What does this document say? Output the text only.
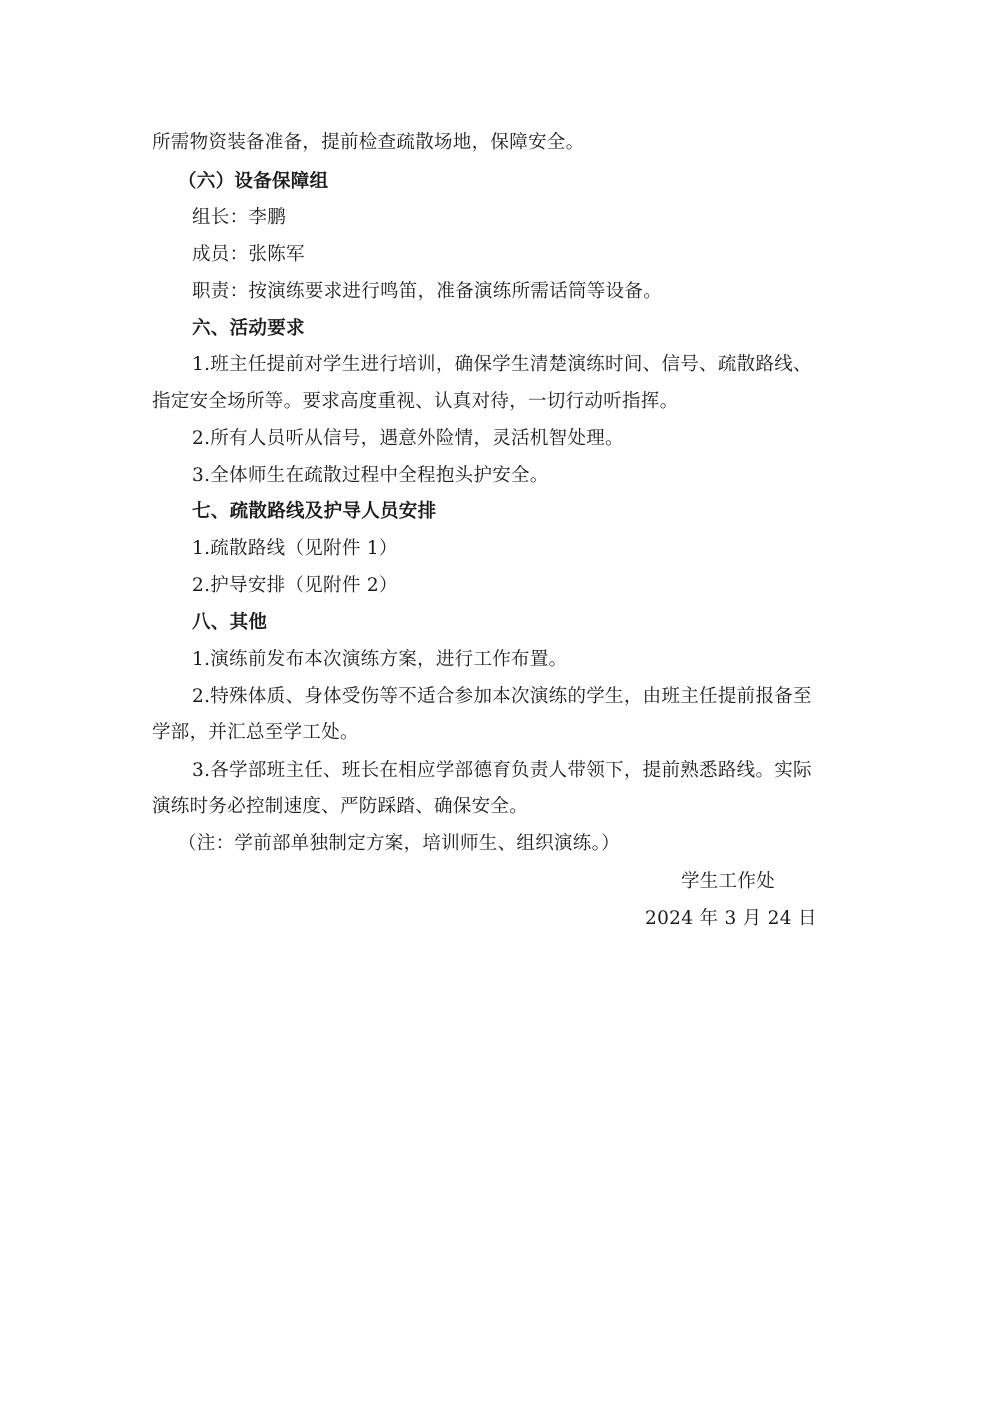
所需物资装备准备，提前检查疏散场地，保障安全。
（六）设备保障组
组长：李鹏
成员：张陈军
职责：按演练要求进行鸣笛，准备演练所需话筒等设备。
六、活动要求
1.班主任提前对学生进行培训，确保学生清楚演练时间、信号、疏散路线、
指定安全场所等。要求高度重视、认真对待，一切行动听指挥。
2.所有人员听从信号，遇意外险情，灵活机智处理。
3.全体师生在疏散过程中全程抱头护安全。
七、疏散路线及护导人员安排
1.疏散路线（见附件 1）
2.护导安排（见附件 2）
八、其他
1.演练前发布本次演练方案，进行工作布置。
2.特殊体质、身体受伤等不适合参加本次演练的学生，由班主任提前报备至
学部，并汇总至学工处。
3.各学部班主任、班长在相应学部德育负责人带领下，提前熟悉路线。实际
演练时务必控制速度、严防踩踏、确保安全。
（注：学前部单独制定方案，培训师生、组织演练。）
学生工作处
2024 年 3 月 24 日
